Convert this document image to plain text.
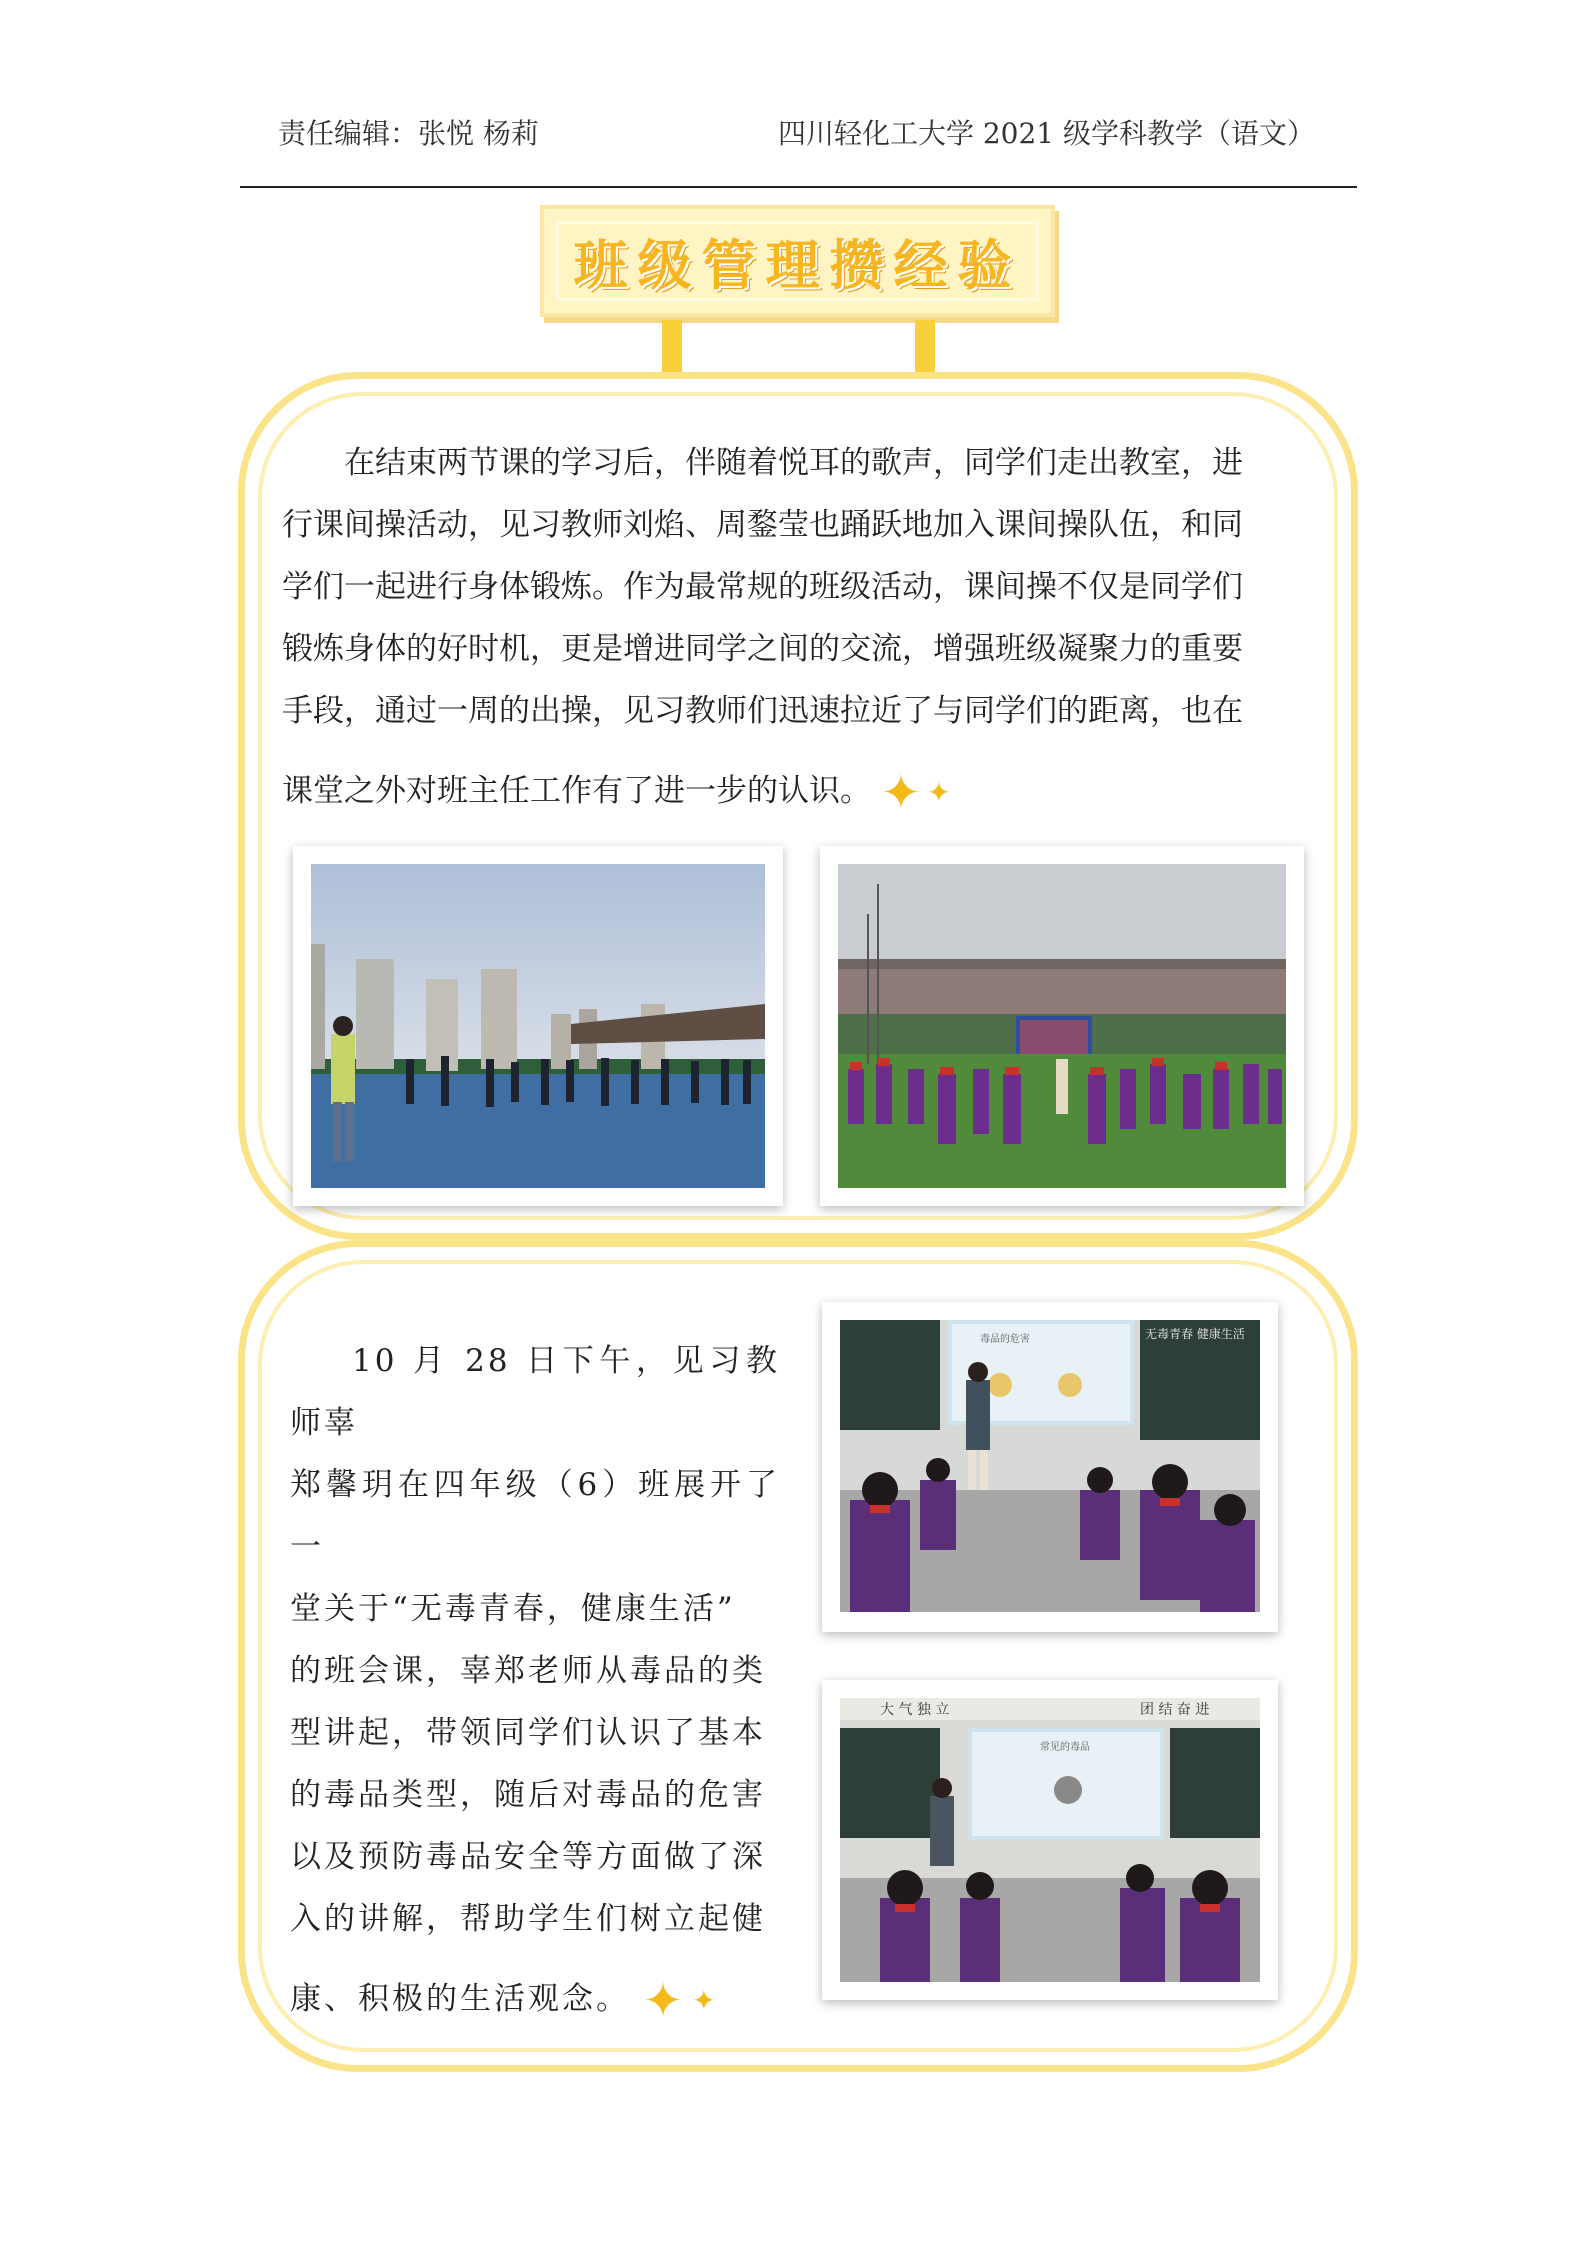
责任编辑：张悦 杨莉	四川轻化工大学 2021 级学科教学（语文）
班级管理攒经验
在结束两节课的学习后，伴随着悦耳的歌声，同学们走出教室，进
行课间操活动，见习教师刘焰、周鍪莹也踊跃地加入课间操队伍，和同
学们一起进行身体锻炼。作为最常规的班级活动，课间操不仅是同学们
锻炼身体的好时机，更是增进同学之间的交流，增强班级凝聚力的重要
手段，通过一周的出操，见习教师们迅速拉近了与同学们的距离，也在
课堂之外对班主任工作有了进一步的认识。 ✦ ✦
10 月 28 日下午，见习教师辜
郑馨玥在四年级（6）班展开了一
堂关于“无毒青春，健康生活”
的班会课，辜郑老师从毒品的类
型讲起，带领同学们认识了基本
的毒品类型，随后对毒品的危害
以及预防毒品安全等方面做了深
入的讲解，帮助学生们树立起健
康、积极的生活观念。 ✦ ✦
毒品的危害	无毒青春 健康生活
大 气 独 立	团 结 奋 进
常见的毒品
